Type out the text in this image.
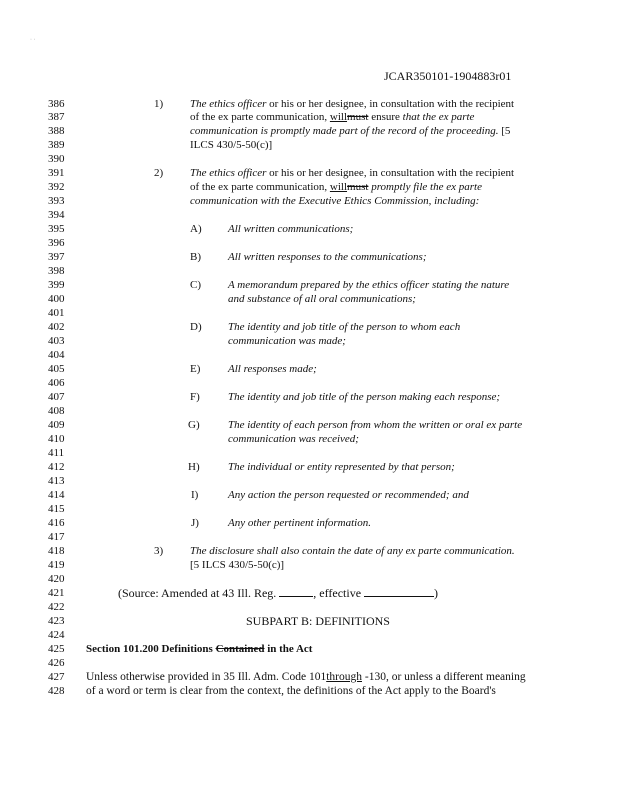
· ·
JCAR350101-1904883r01
386
387
388
389
390
391
392
393
394
395
396
397
398
399
400
401
402
403
404
405
406
407
408
409
410
411
412
413
414
415
416
417
418
419
420
421
422
423
424
425
426
427
428
1) The ethics officer or his or her designee, in consultation with the recipient
of the ex parte communication, willmust ensure that the ex parte
communication is promptly made part of the record of the proceeding. [5
ILCS 430/5-50(c)]
2) The ethics officer or his or her designee, in consultation with the recipient
of the ex parte communication, willmust promptly file the ex parte
communication with the Executive Ethics Commission, including:
A) All written communications;
B) All written responses to the communications;
C) A memorandum prepared by the ethics officer stating the nature
and substance of all oral communications;
D) The identity and job title of the person to whom each
communication was made;
E)	All responses made;
F)	The identity and job title of the person making each response;
G)	The identity of each person from whom the written or oral ex parte
communication was received;
H)	The individual or entity represented by that person;
I)	Any action the person requested or recommended; and
J)	Any other pertinent information.
3) The disclosure shall also contain the date of any ex parte communication.
[5 ILCS 430/5-50(c)]
(Source: Amended at 43 Ill. Reg.	, effective	)
SUBPART B: DEFINITIONS
Section 101.200 Definitions Contained in the Act
Unless otherwise provided in 35 Ill. Adm. Code 101through -130, or unless a different meaning
of a word or term is clear from the context, the definitions of the Act apply to the Board's
